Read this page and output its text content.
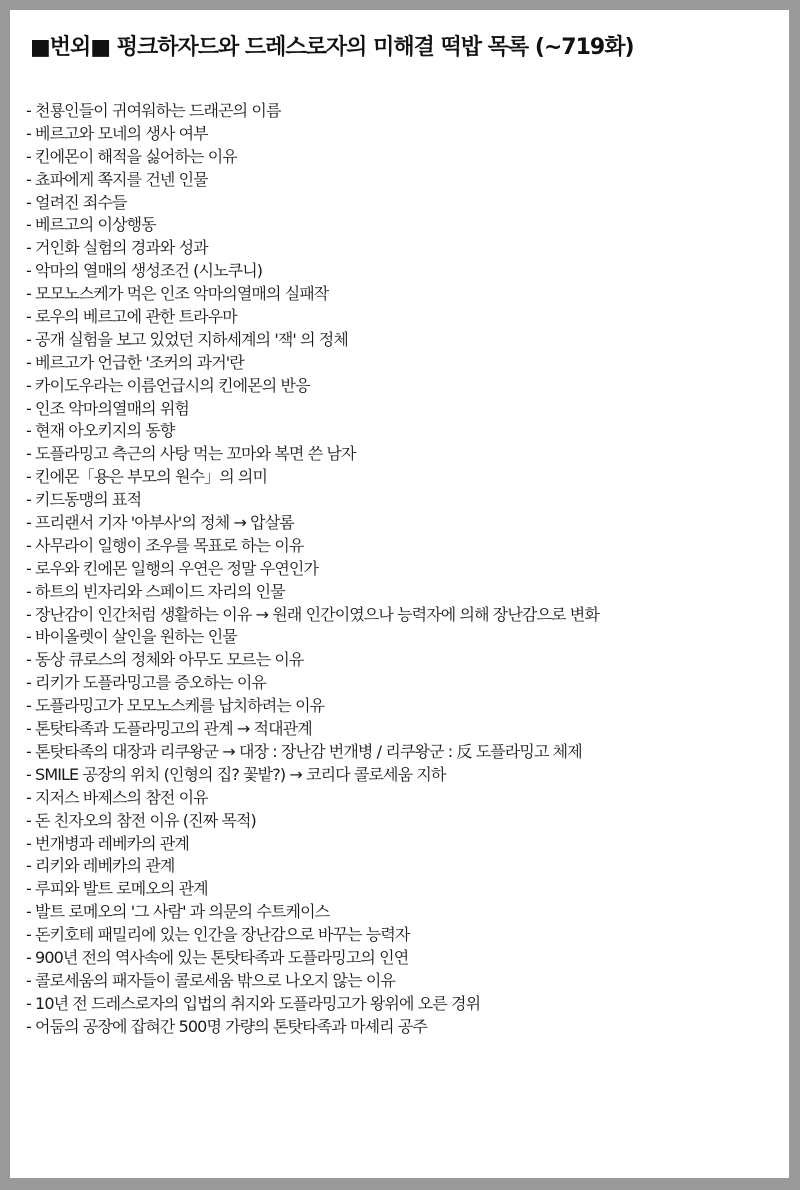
■번외■ 펑크하자드와 드레스로자의 미해결 떡밥 목록 (~719화)
- 천룡인들이 귀여워하는 드래곤의 이름
- 베르고와 모네의 생사 여부
- 킨에몬이 해적을 싫어하는 이유
- 쵸파에게 쪽지를 건넨 인물
- 얼려진 죄수들
- 베르고의 이상행동
- 거인화 실험의 경과와 성과
- 악마의 열매의 생성조건 (시노쿠니)
- 모모노스케가 먹은 인조 악마의열매의 실패작
- 로우의 베르고에 관한 트라우마
- 공개 실험을 보고 있었던 지하세계의 '잭' 의 정체
- 베르고가 언급한 '조커의 과거'란
- 카이도우라는 이름언급시의 킨에몬의 반응
- 인조 악마의열매의 위험
- 현재 아오키지의 동향
- 도플라밍고 측근의 사탕 먹는 꼬마와 복면 쓴 남자
- 킨에몬「용은 부모의 원수」의 의미
- 키드동맹의 표적
- 프리랜서 기자 '아부사'의 정체 → 압살롬
- 사무라이 일행이 조우를 목표로 하는 이유
- 로우와 킨에몬 일행의 우연은 정말 우연인가
- 하트의 빈자리와 스페이드 자리의 인물
- 장난감이 인간처럼 생활하는 이유 → 원래 인간이였으나 능력자에 의해 장난감으로 변화
- 바이올렛이 살인을 원하는 인물
- 동상 큐로스의 정체와 아무도 모르는 이유
- 리키가 도플라밍고를 증오하는 이유
- 도플라밍고가 모모노스케를 납치하려는 이유
- 톤탓타족과 도플라밍고의 관계 → 적대관계
- 톤탓타족의 대장과 리쿠왕군 → 대장 : 장난감 번개병 / 리쿠왕군 : 反 도플라밍고 체제
- SMILE 공장의 위치 (인형의 집? 꽃밭?) → 코리다 콜로세움 지하
- 지저스 바제스의 참전 이유
- 돈 친자오의 참전 이유 (진짜 목적)
- 번개병과 레베카의 관계
- 리키와 레베카의 관계
- 루피와 발트 로메오의 관계
- 발트 로메오의 '그 사람' 과 의문의 수트케이스
- 돈키호테 패밀리에 있는 인간을 장난감으로 바꾸는 능력자
- 900년 전의 역사속에 있는 톤탓타족과 도플라밍고의 인연
- 콜로세움의 패자들이 콜로세움 밖으로 나오지 않는 이유
- 10년 전 드레스로자의 입법의 취지와 도플라밍고가 왕위에 오른 경위
- 어둠의 공장에 잡혀간 500명 가량의 톤탓타족과 마셰리 공주
